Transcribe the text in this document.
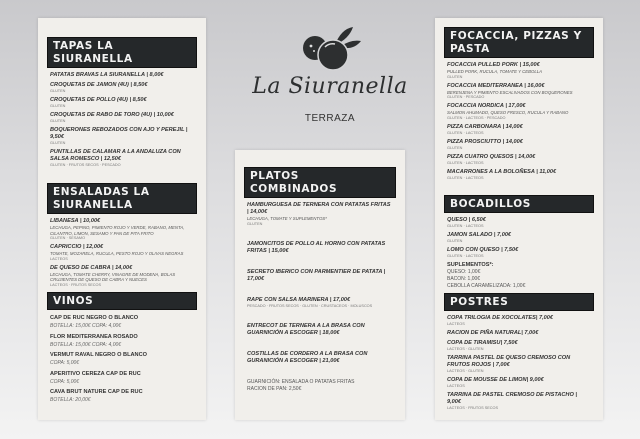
TAPAS LA SIURANELLA
PATATAS BRAVAS LA SIURANELLA | 8,00€
CROQUETAS DE JAMON (4U) | 8,50€
GLUTEN
CROQUETAS DE POLLO (4U) | 8,50€
GLUTEN
CROQUETAS DE RABO DE TORO (4U) | 10,00€
GLUTEN
BOQUERONES REBOZADOS CON AJO Y PEREJIL | 9,50€
GLUTEN
PUNTILLAS DE CALAMAR A LA ANDALUZA CON SALSA ROMESCO | 12,50€
GLUTEN · FRUTOS SECOS · PESCADO
ENSALADAS LA SIURANELLA
LIBANESA | 10,00€
LECHUGA, PEPINO, PIMIENTO ROJO Y VERDE, RABANO, MENTA, CILANTRO, LIMON, SESAMO Y PAN DE PITA FRITO
GLUTEN · SESAMO
CAPRICCIO | 12,00€
TOMATE, MOZARELA, RUCULA, PESTO ROJO Y OLIVAS NEGRAS
LACTEOS
DE QUESO DE CABRA | 14,00€
LECHUGA, TOMATE CHERRY, VINAGRE DE MODENA, BOLAS CRUJIENTES DE QUESO DE CABRA Y NUECES
LACTEOS · FRUTOS SECOS
VINOS
CAP DE RUC NEGRO O BLANCO
BOTELLA: 15,00€ COPA: 4,00€
FLOR MEDITERRANEA ROSADO
BOTELLA: 15,00€ COPA: 4,00€
VERMUT RAVAL NEGRO O BLANCO
COPA: 5,00€
APERITIVO CEREZA CAP DE RUC
COPA: 5,00€
CAVA BRUT NATURE CAP DE RUC
BOTELLA: 20,00€
PLATOS COMBINADOS
HAMBURGUESA DE TERNERA CON PATATAS FRITAS | 14,00€
LECHUGA, TOMATE Y SUPLEMENTOS*
GLUTEN
JAMONCITOS DE POLLO AL HORNO CON PATATAS FRITAS | 15,00€
SECRETO IBERICO CON PARMENTIER DE PATATA | 17,00€
RAPE CON SALSA MARINERA | 17,00€
PESCADO · FRUTOS SECOS · GLUTEN · CRUSTACEOS · MOLUSCOS
ENTRECOT DE TERNERA A LA BRASA CON GUARNICIÓN A ESCOGER | 18,00€
COSTILLAS DE CORDERO A LA BRASA CON GURANICIÓN A ESCOGER | 21,00€
GUARNICIÓN: ENSALADA O PATATAS FRITAS
RACION DE PAN: 2,50€
FOCACCIA, PIZZAS Y PASTA
FOCACCIA PULLED PORK | 15,00€
PULLED PORK, RUCULA, TOMATE Y CEBOLLA
GLUTEN
FOCACCIA MEDITERRANEA | 16,00€
BERENJENA Y PIMIENTO ESCALIVADOS CON BOQUERONES
GLUTEN · PESCADO
FOCACCIA NORDICA | 17,00€
SALMON AHUMADO, QUESO FRESCO, RUCULA Y RABANO
GLUTEN · LACTEOS · PESCADO
PIZZA CARBONARA | 14,00€
GLUTEN · LACTEOS
PIZZA PROSCIUTTO | 14,00€
GLUTEN
PIZZA CUATRO QUESOS | 14,00€
GLUTEN · LACTEOS
MACARRONES A LA BOLOÑESA | 11,00€
GLUTEN · LACTEOS
BOCADILLOS
QUESO | 6,50€
GLUTEN · LACTEOS
JAMON SALADO | 7,00€
GLUTEN
LOMO CON QUESO | 7,50€
GLUTEN · LACTEOS
SUPLEMENTOS*:
QUESO: 1,00€
BACON: 1,00€
CEBOLLA CARAMELIZADA: 1,00€
POSTRES
COPA TRILOGIA DE XOCOLATES| 7,00€
LACTEOS
RACION DE PIÑA NATURAL| 7,00€
COPA DE TIRAMISU| 7,50€
LACTEOS · GLUTEN
TARRINA PASTEL DE QUESO CREMOSO CON FRUTOS ROJOS | 7,00€
LACTEOS · GLUTEN
COPA DE MOUSSE DE LIMON| 9,00€
LACTEOS
TARRINA DE PASTEL CREMOSO DE PISTACHO | 9,00€
LACTEOS · FRUTOS SECOS
La Siuranella
TERRAZA
